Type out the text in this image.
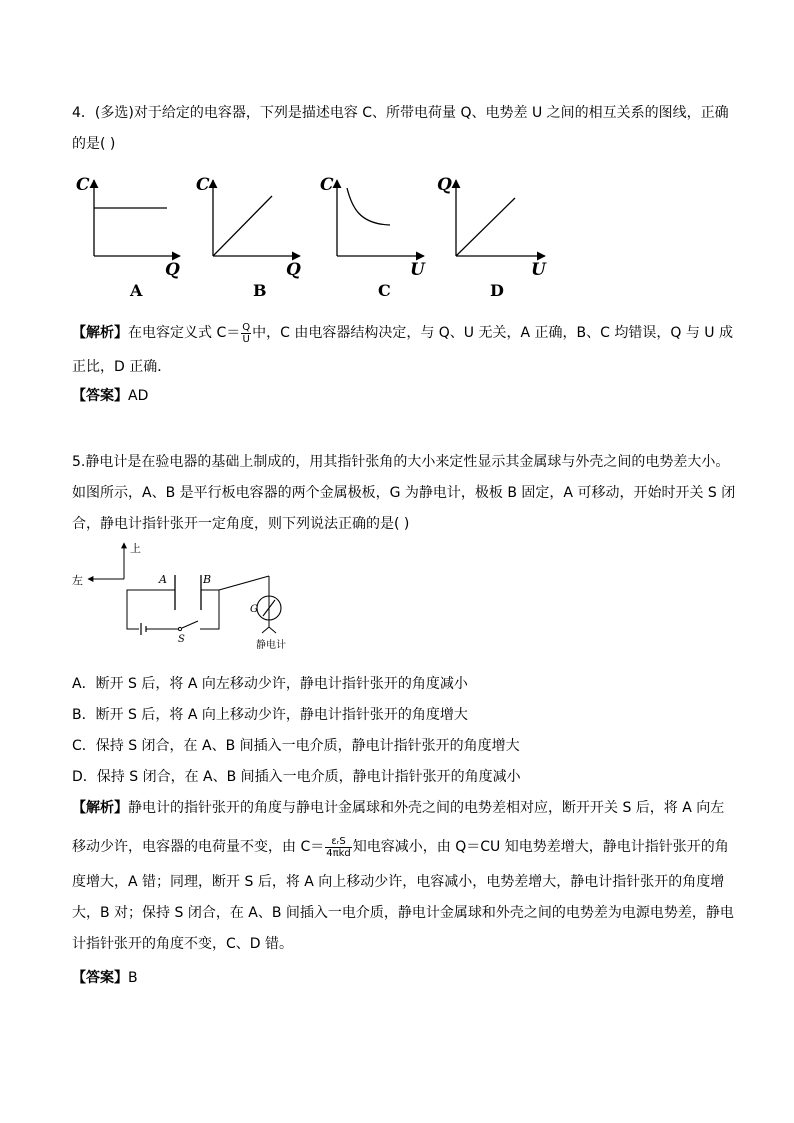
4．(多选)对于给定的电容器，下列是描述电容 C、所带电荷量 Q、电势差 U 之间的相互关系的图线，正确
的是( )
C
Q
A
C
Q
B
C
U
C
Q
U
D
【解析】在电容定义式 $C= \frac{Q}{U}$ 中，C 由电容器结构决定，与 Q、U 无关，A 正确，B、C 均错误，Q 与 U 成
正比，D 正确．
【答案】AD
5.静电计是在验电器的基础上制成的，用其指针张角的大小来定性显示其金属球与外壳之间的电势差大小。
如图所示，A、B 是平行板电容器的两个金属极板，G 为静电计，极板 B 固定，A 可移动，开始时开关 S 闭
合，静电计指针张开一定角度，则下列说法正确的是( )
上
左	A	B
S
G
静电计
A．断开 S 后，将 A 向左移动少许，静电计指针张开的角度减小
B．断开 S 后，将 A 向上移动少许，静电计指针张开的角度增大
C．保持 S 闭合，在 A、B 间插入一电介质，静电计指针张开的角度增大
D．保持 S 闭合，在 A、B 间插入一电介质，静电计指针张开的角度减小
【解析】静电计的指针张开的角度与静电计金属球和外壳之间的电势差相对应，断开开关 S 后，将 A 向左
移动少许，电容器的电荷量不变，由 $C= \frac{\text{εᵣS}}{\text{4πkd}}$ 知电容减小，由 Q＝CU 知电势差增大，静电计指针张开的角
度增大，A 错；同理，断开 S 后，将 A 向上移动少许，电容减小，电势差增大，静电计指针张开的角度增
大，B 对；保持 S 闭合，在 A、B 间插入一电介质，静电计金属球和外壳之间的电势差为电源电势差，静电
计指针张开的角度不变，C、D 错。
【答案】B
